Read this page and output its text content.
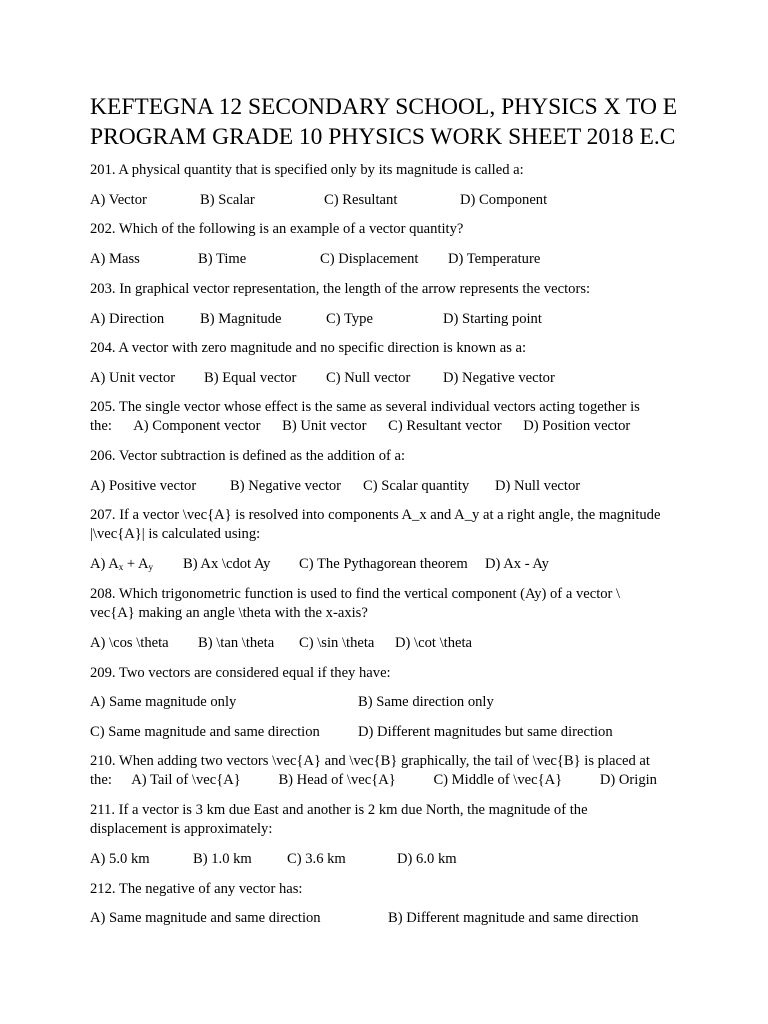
KEFTEGNA 12 SECONDARY SCHOOL, PHYSICS X TO E PROGRAM GRADE 10 PHYSICS WORK SHEET 2018 E.C
201. A physical quantity that is specified only by its magnitude is called a:
A) Vector	B) Scalar	C) Resultant	D) Component
202. Which of the following is an example of a vector quantity?
A) Mass	B) Time	C) Displacement D) Temperature
203. In graphical vector representation, the length of the arrow represents the vectors:
A) Direction B) Magnitude	C) Type	D) Starting point
204. A vector with zero magnitude and no specific direction is known as a:
A) Unit vector B) Equal vector C) Null vector D) Negative vector
205. The single vector whose effect is the same as several individual vectors acting together is the: A) Component vector B) Unit vector C) Resultant vector D) Position vector
206. Vector subtraction is defined as the addition of a:
A) Positive vector B) Negative vector C) Scalar quantity D) Null vector
207. If a vector \vec{A} is resolved into components A_x and A_y at a right angle, the magnitude |\vec{A}| is calculated using:
A) $A_x + A_y$ B) Ax \cdot Ay C) The Pythagorean theorem D) Ax - Ay
208. Which trigonometric function is used to find the vertical component (Ay) of a vector \ vec{A} making an angle \theta with the x-axis?
A) \cos \theta B) \tan \theta C) \sin \theta D) \cot \theta
209. Two vectors are considered equal if they have:
A) Same magnitude only	B) Same direction only
C) Same magnitude and same direction	D) Different magnitudes but same direction
210. When adding two vectors \vec{A} and \vec{B} graphically, the tail of \vec{B} is placed at the: A) Tail of \vec{A}	B) Head of \vec{A}	C) Middle of \vec{A}	D) Origin
211. If a vector is 3 km due East and another is 2 km due North, the magnitude of the displacement is approximately:
A) 5.0 km	B) 1.0 km C) 3.6 km	D) 6.0 km
212. The negative of any vector has:
A) Same magnitude and same direction	B) Different magnitude and same direction
